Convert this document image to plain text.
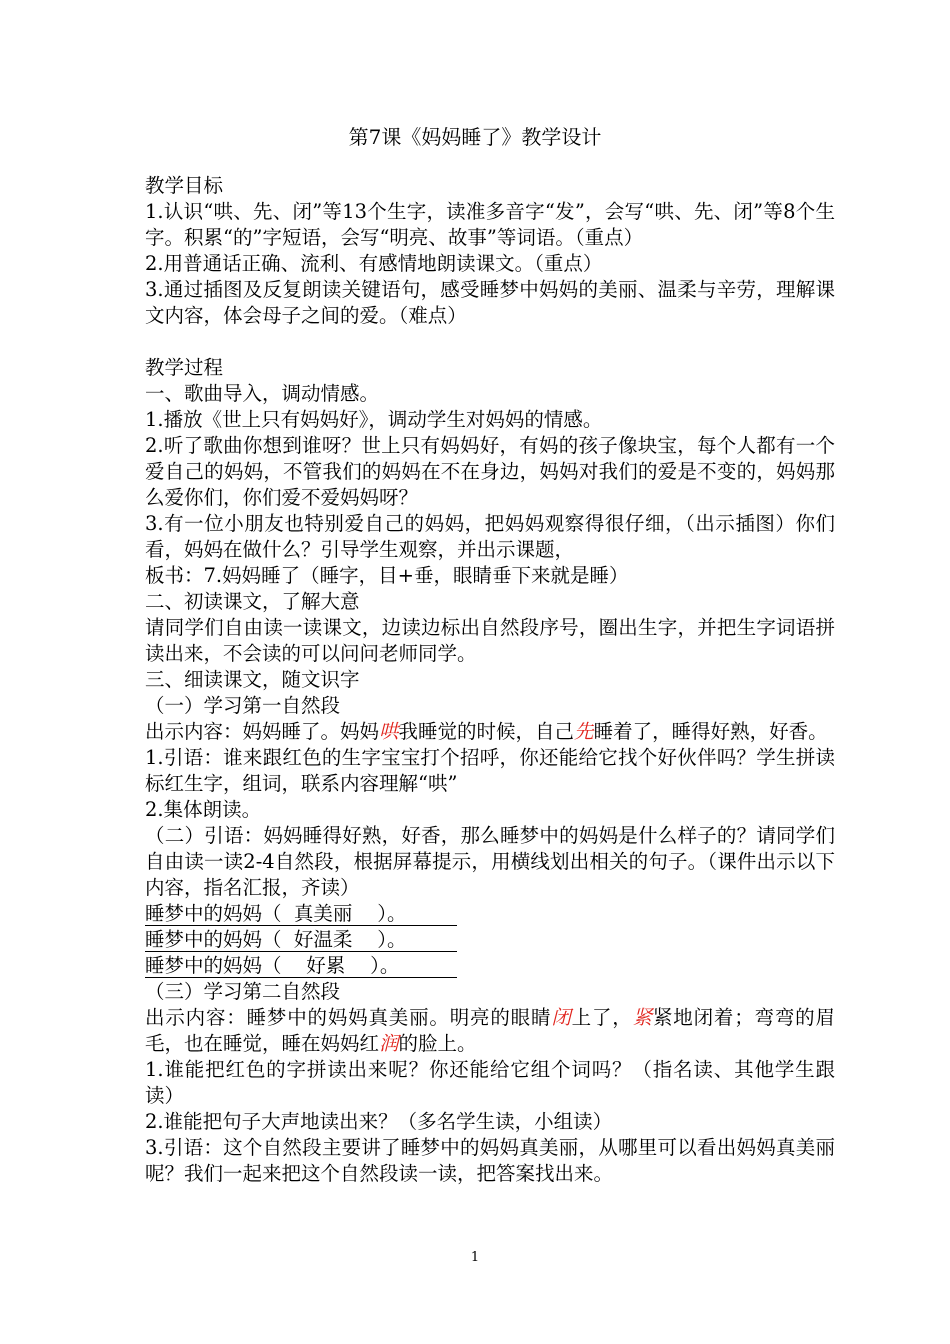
第7课《妈妈睡了》教学设计

教学目标

1.认识“哄、先、闭”等13个生字，读准多音字“发”，会写“哄、先、闭”等8个生字。积累“的”字短语，会写“明亮、故事”等词语。（重点）

2.用普通话正确、流利、有感情地朗读课文。（重点）

3.通过插图及反复朗读关键语句，感受睡梦中妈妈的美丽、温柔与辛劳，理解课文内容，体会母子之间的爱。（难点）

教学过程

一、歌曲导入，调动情感。

1.播放《世上只有妈妈好》，调动学生对妈妈的情感。

2.听了歌曲你想到谁呀？世上只有妈妈好，有妈的孩子像块宝，每个人都有一个爱自己的妈妈，不管我们的妈妈在不在身边，妈妈对我们的爱是不变的，妈妈那么爱你们，你们爱不爱妈妈呀？

3.有一位小朋友也特别爱自己的妈妈，把妈妈观察得很仔细，（出示插图）你们看，妈妈在做什么？引导学生观察，并出示课题，

板书：7.妈妈睡了（睡字，目+垂，眼睛垂下来就是睡）

二、初读课文，了解大意

请同学们自由读一读课文，边读边标出自然段序号，圈出生字，并把生字词语拼读出来，不会读的可以问问老师同学。

三、细读课文，随文识字

（一）学习第一自然段

出示内容：妈妈睡了。妈妈哄我睡觉的时候，自己先睡着了，睡得好熟，好香。

1.引语：谁来跟红色的生字宝宝打个招呼，你还能给它找个好伙伴吗？学生拼读标红生字，组词，联系内容理解“哄”

2.集体朗读。

（二）引语：妈妈睡得好熟，好香，那么睡梦中的妈妈是什么样子的？请同学们自由读一读2-4自然段，根据屏幕提示，用横线划出相关的句子。（课件出示以下内容，指名汇报，齐读）

睡梦中的妈妈（  真美丽    ）。

睡梦中的妈妈（  好温柔    ）。

睡梦中的妈妈（    好累    ）。

（三）学习第二自然段

出示内容：睡梦中的妈妈真美丽。明亮的眼睛闭上了，紧紧地闭着；弯弯的眉毛，也在睡觉，睡在妈妈红润的脸上。

1.谁能把红色的字拼读出来呢？你还能给它组个词吗？（指名读、其他学生跟读）

2.谁能把句子大声地读出来？（多名学生读，小组读）

3.引语：这个自然段主要讲了睡梦中的妈妈真美丽，从哪里可以看出妈妈真美丽呢？我们一起来把这个自然段读一读，把答案找出来。

1
